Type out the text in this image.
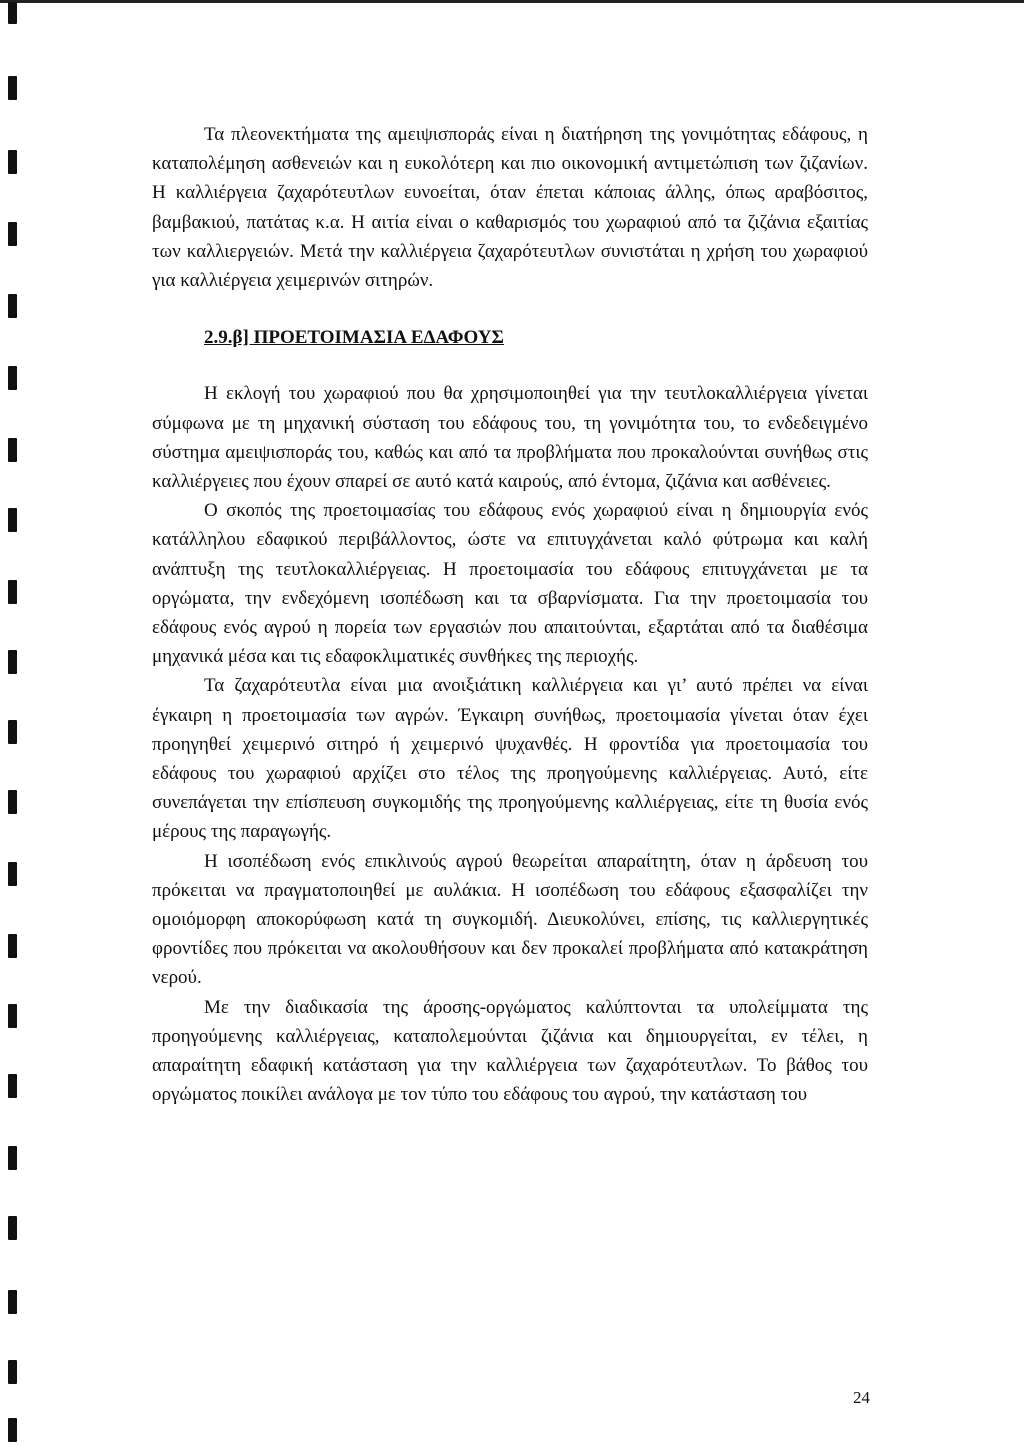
Τα πλεονεκτήματα της αμειψισποράς είναι η διατήρηση της γονιμότητας εδάφους, η καταπολέμηση ασθενειών και η ευκολότερη και πιο οικονομική αντιμετώπιση των ζιζανίων. Η καλλιέργεια ζαχαρότευτλων ευνοείται, όταν έπεται κάποιας άλλης, όπως αραβόσιτος, βαμβακιού, πατάτας κ.α. Η αιτία είναι ο καθαρισμός του χωραφιού από τα ζιζάνια εξαιτίας των καλλιεργειών. Μετά την καλλιέργεια ζαχαρότευτλων συνιστάται η χρήση του χωραφιού για καλλιέργεια χειμερινών σιτηρών.

2.9.β] ΠΡΟΕΤΟΙΜΑΣΙΑ ΕΔΑΦΟΥΣ

Η εκλογή του χωραφιού που θα χρησιμοποιηθεί για την τευτλοκαλλιέργεια γίνεται σύμφωνα με τη μηχανική σύσταση του εδάφους του, τη γονιμότητα του, το ενδεδειγμένο σύστημα αμειψισποράς του, καθώς και από τα προβλήματα που προκαλούνται συνήθως στις καλλιέργειες που έχουν σπαρεί σε αυτό κατά καιρούς, από έντομα, ζιζάνια και ασθένειες.

Ο σκοπός της προετοιμασίας του εδάφους ενός χωραφιού είναι η δημιουργία ενός κατάλληλου εδαφικού περιβάλλοντος, ώστε να επιτυγχάνεται καλό φύτρωμα και καλή ανάπτυξη της τευτλοκαλλιέργειας. Η προετοιμασία του εδάφους επιτυγχάνεται με τα οργώματα, την ενδεχόμενη ισοπέδωση και τα σβαρνίσματα. Για την προετοιμασία του εδάφους ενός αγρού η πορεία των εργασιών που απαιτούνται, εξαρτάται από τα διαθέσιμα μηχανικά μέσα και τις εδαφοκλιματικές συνθήκες της περιοχής.

Τα ζαχαρότευτλα είναι μια ανοιξιάτικη καλλιέργεια και γι’ αυτό πρέπει να είναι έγκαιρη η προετοιμασία των αγρών. Έγκαιρη συνήθως, προετοιμασία γίνεται όταν έχει προηγηθεί χειμερινό σιτηρό ή χειμερινό ψυχανθές. Η φροντίδα για προετοιμασία του εδάφους του χωραφιού αρχίζει στο τέλος της προηγούμενης καλλιέργειας. Αυτό, είτε συνεπάγεται την επίσπευση συγκομιδής της προηγούμενης καλλιέργειας, είτε τη θυσία ενός μέρους της παραγωγής.

Η ισοπέδωση ενός επικλινούς αγρού θεωρείται απαραίτητη, όταν η άρδευση του πρόκειται να πραγματοποιηθεί με αυλάκια. Η ισοπέδωση του εδάφους εξασφαλίζει την ομοιόμορφη αποκορύφωση κατά τη συγκομιδή. Διευκολύνει, επίσης, τις καλλιεργητικές φροντίδες που πρόκειται να ακολουθήσουν και δεν προκαλεί προβλήματα από κατακράτηση νερού.

Με την διαδικασία της άροσης-οργώματος καλύπτονται τα υπολείμματα της προηγούμενης καλλιέργειας, καταπολεμούνται ζιζάνια και δημιουργείται, εν τέλει, η απαραίτητη εδαφική κατάσταση για την καλλιέργεια των ζαχαρότευτλων. Το βάθος του οργώματος ποικίλει ανάλογα με τον τύπο του εδάφους του αγρού, την κατάσταση του

24
